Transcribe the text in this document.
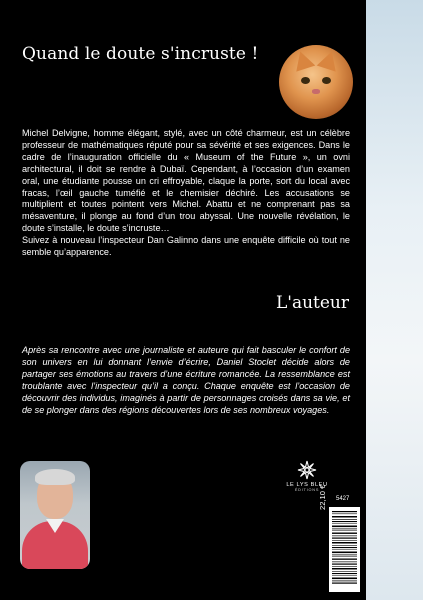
Quand le doute s'incruste !

Michel Delvigne, homme élégant, stylé, avec un côté charmeur, est un célèbre professeur de mathématiques réputé pour sa sévérité et ses exigences. Dans le cadre de l’inauguration officielle du « Museum of the Future », un ovni architectural, il doit se rendre à Dubaï. Cependant, à l’occasion d’un examen oral, une étudiante pousse un cri effroyable, claque la porte, sort du local avec fracas, l’œil gauche tuméfié et le chemisier déchiré. Les accusations se multiplient et toutes pointent vers Michel. Abattu et ne comprenant pas sa mésaventure, il plonge au fond d’un trou abyssal. Une nouvelle révélation, le doute s’installe, le doute s’incruste…

Suivez à nouveau l’inspecteur Dan Galinno dans une enquête difficile où tout ne semble qu’apparence.

L'auteur
Après sa rencontre avec une journaliste et auteure qui fait basculer le confort de son univers en lui donnant l’envie d’écrire, Daniel Stoclet décide alors de partager ses émotions au travers d’une écriture romancée. La ressemblance est troublante avec l’inspecteur qu’il a conçu. Chaque enquête est l’occasion de découvrir des individus, imaginés à partir de personnages croisés dans sa vie, et de se plonger dans des régions découvertes lors de ses nombreux voyages.
LE LYS BLEU
ÉDITIONS
5427
22,10 €
9 791037 781545
